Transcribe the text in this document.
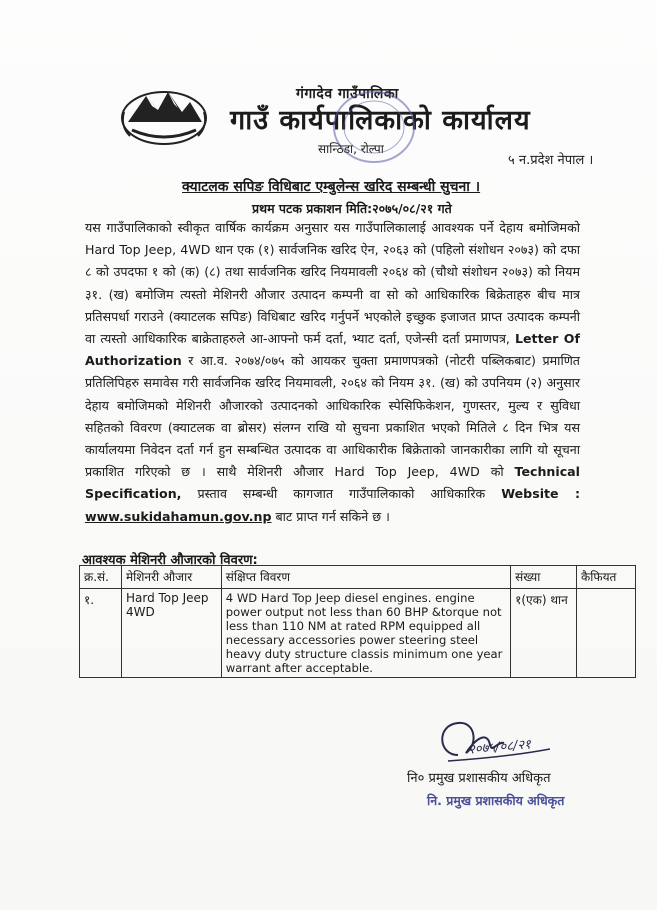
गंगादेव गाउँपालिका
गाउँ कार्यपालिकाको कार्यालय
सान्ठिडा, रोल्पा
५ न.प्रदेश नेपाल ।
क्याटलक सपिङ विधिबाट एम्बुलेन्स खरिद सम्बन्धी सुचना ।
प्रथम पटक प्रकाशन मिति:२०७५/०८/२१ गते
यस गाउँपालिकाको स्वीकृत वार्षिक कार्यक्रम अनुसार यस गाउँपालिकालाई आवश्यक पर्ने देहाय बमोजिमको Hard Top Jeep, 4WD थान एक (१) सार्वजनिक खरिद ऐन, २०६३ को (पहिलो संशोधन २०७३) को दफा ८ को उपदफा १ को (क) (८) तथा सार्वजनिक खरिद नियमावली २०६४ को (चौथो संशोधन २०७३) को नियम ३१. (ख) बमोजिम त्यस्तो मेशिनरी औजार उत्पादन कम्पनी वा सो को आधिकारिक बिक्रेताहरु बीच मात्र प्रतिसपर्धा गराउने (क्याटलक सपिङ) विधिबाट खरिद गर्नुपर्ने भएकोले इच्छुक इजाजत प्राप्त उत्पादक कम्पनी वा त्यस्तो आधिकारिक बाक्रेताहरुले आ-आफ्नो फर्म दर्ता, भ्याट दर्ता, एजेन्सी दर्ता प्रमाणपत्र, Letter Of Authorization र आ.व. २०७४/०७५ को आयकर चुक्ता प्रमाणपत्रको (नोटरी पब्लिकबाट) प्रमाणित प्रतिलिपिहरु समावेस गरी सार्वजनिक खरिद नियमावली, २०६४ को नियम ३१. (ख) को उपनियम (२) अनुसार देहाय बमोजिमको मेशिनरी औजारको उत्पादनको आधिकारिक स्पेसिफिकेशन, गुणस्तर, मुल्य र सुविधा सहितको विवरण (क्याटलक वा ब्रोसर) संलग्न राखि यो सुचना प्रकाशित भएको मितिले ८ दिन भित्र यस कार्यालयमा निवेदन दर्ता गर्न हुन सम्बन्धित उत्पादक वा आधिकारीक बिक्रेताको जानकारीका लागि यो सूचना प्रकाशित गरिएको छ । साथै मेशिनरी औजार Hard Top Jeep, 4WD को Technical Specification, प्रस्ताव सम्बन्धी कागजात गाउँपालिकाको आधिकारिक Website : www.sukidahamun.gov.np बाट प्राप्त गर्न सकिने छ ।
आवश्यक मेशिनरी औजारको विवरण:
क्र.सं.	मेशिनरी औजार	संक्षिप्त विवरण	संख्या	कैफियत
१.	Hard Top Jeep 4WD	4 WD Hard Top Jeep diesel engines. engine power output not less than 60 BHP &torque not less than 110 NM at rated RPM equipped all necessary accessories power steering steel heavy duty structure classis minimum one year warrant after acceptable.	१(एक) थान	
२०७५/०८/२१
नि० प्रमुख प्रशासकीय अधिकृत
नि. प्रमुख प्रशासकीय अधिकृत
